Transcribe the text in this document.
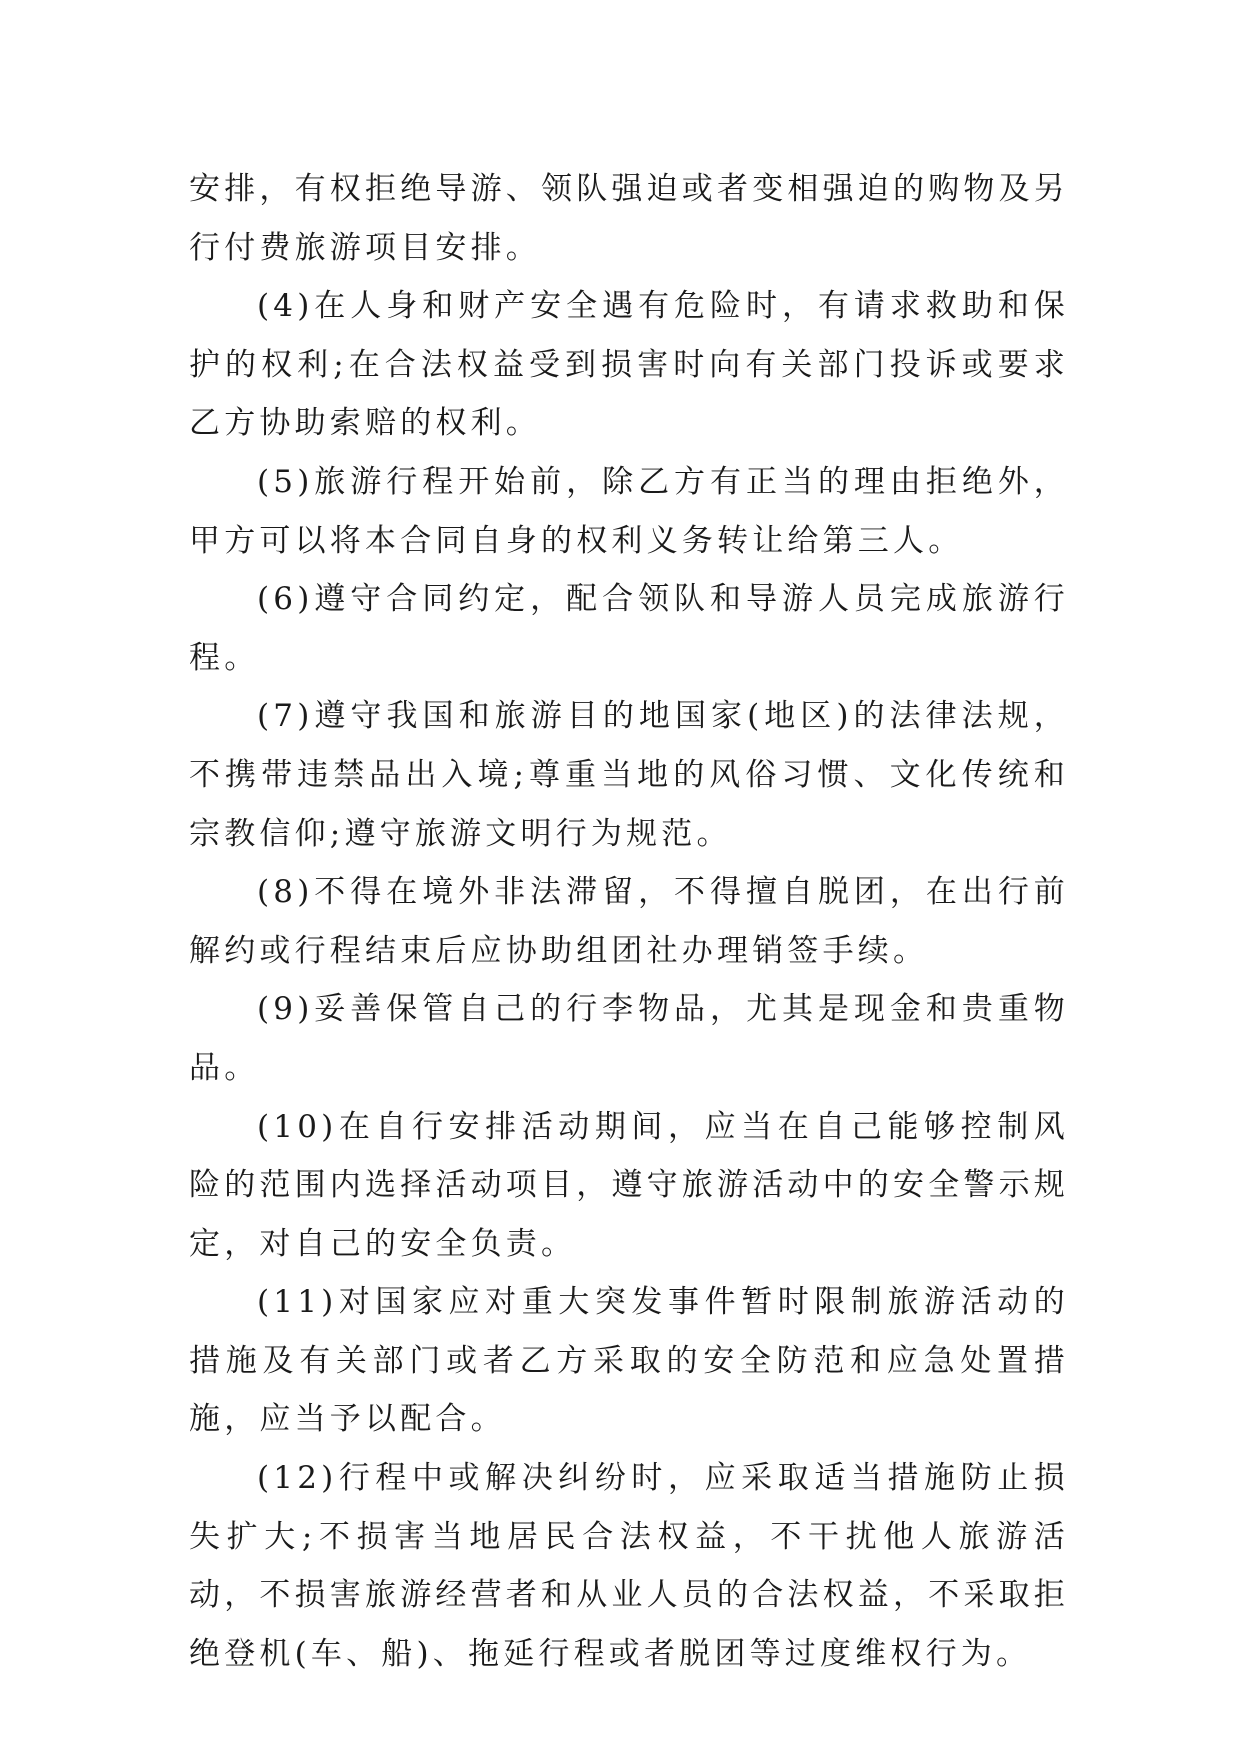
安排，有权拒绝导游、领队强迫或者变相强迫的购物及另行付费旅游项目安排。

(4)在人身和财产安全遇有危险时，有请求救助和保护的权利;在合法权益受到损害时向有关部门投诉或要求乙方协助索赔的权利。

(5)旅游行程开始前，除乙方有正当的理由拒绝外，甲方可以将本合同自身的权利义务转让给第三人。

(6)遵守合同约定，配合领队和导游人员完成旅游行程。

(7)遵守我国和旅游目的地国家(地区)的法律法规，不携带违禁品出入境;尊重当地的风俗习惯、文化传统和宗教信仰;遵守旅游文明行为规范。

(8)不得在境外非法滞留，不得擅自脱团，在出行前解约或行程结束后应协助组团社办理销签手续。

(9)妥善保管自己的行李物品，尤其是现金和贵重物品。

(10)在自行安排活动期间，应当在自己能够控制风险的范围内选择活动项目，遵守旅游活动中的安全警示规定，对自己的安全负责。

(11)对国家应对重大突发事件暂时限制旅游活动的措施及有关部门或者乙方采取的安全防范和应急处置措施，应当予以配合。

(12)行程中或解决纠纷时，应采取适当措施防止损失扩大;不损害当地居民合法权益，不干扰他人旅游活动，不损害旅游经营者和从业人员的合法权益，不采取拒绝登机(车、船)、拖延行程或者脱团等过度维权行为。
